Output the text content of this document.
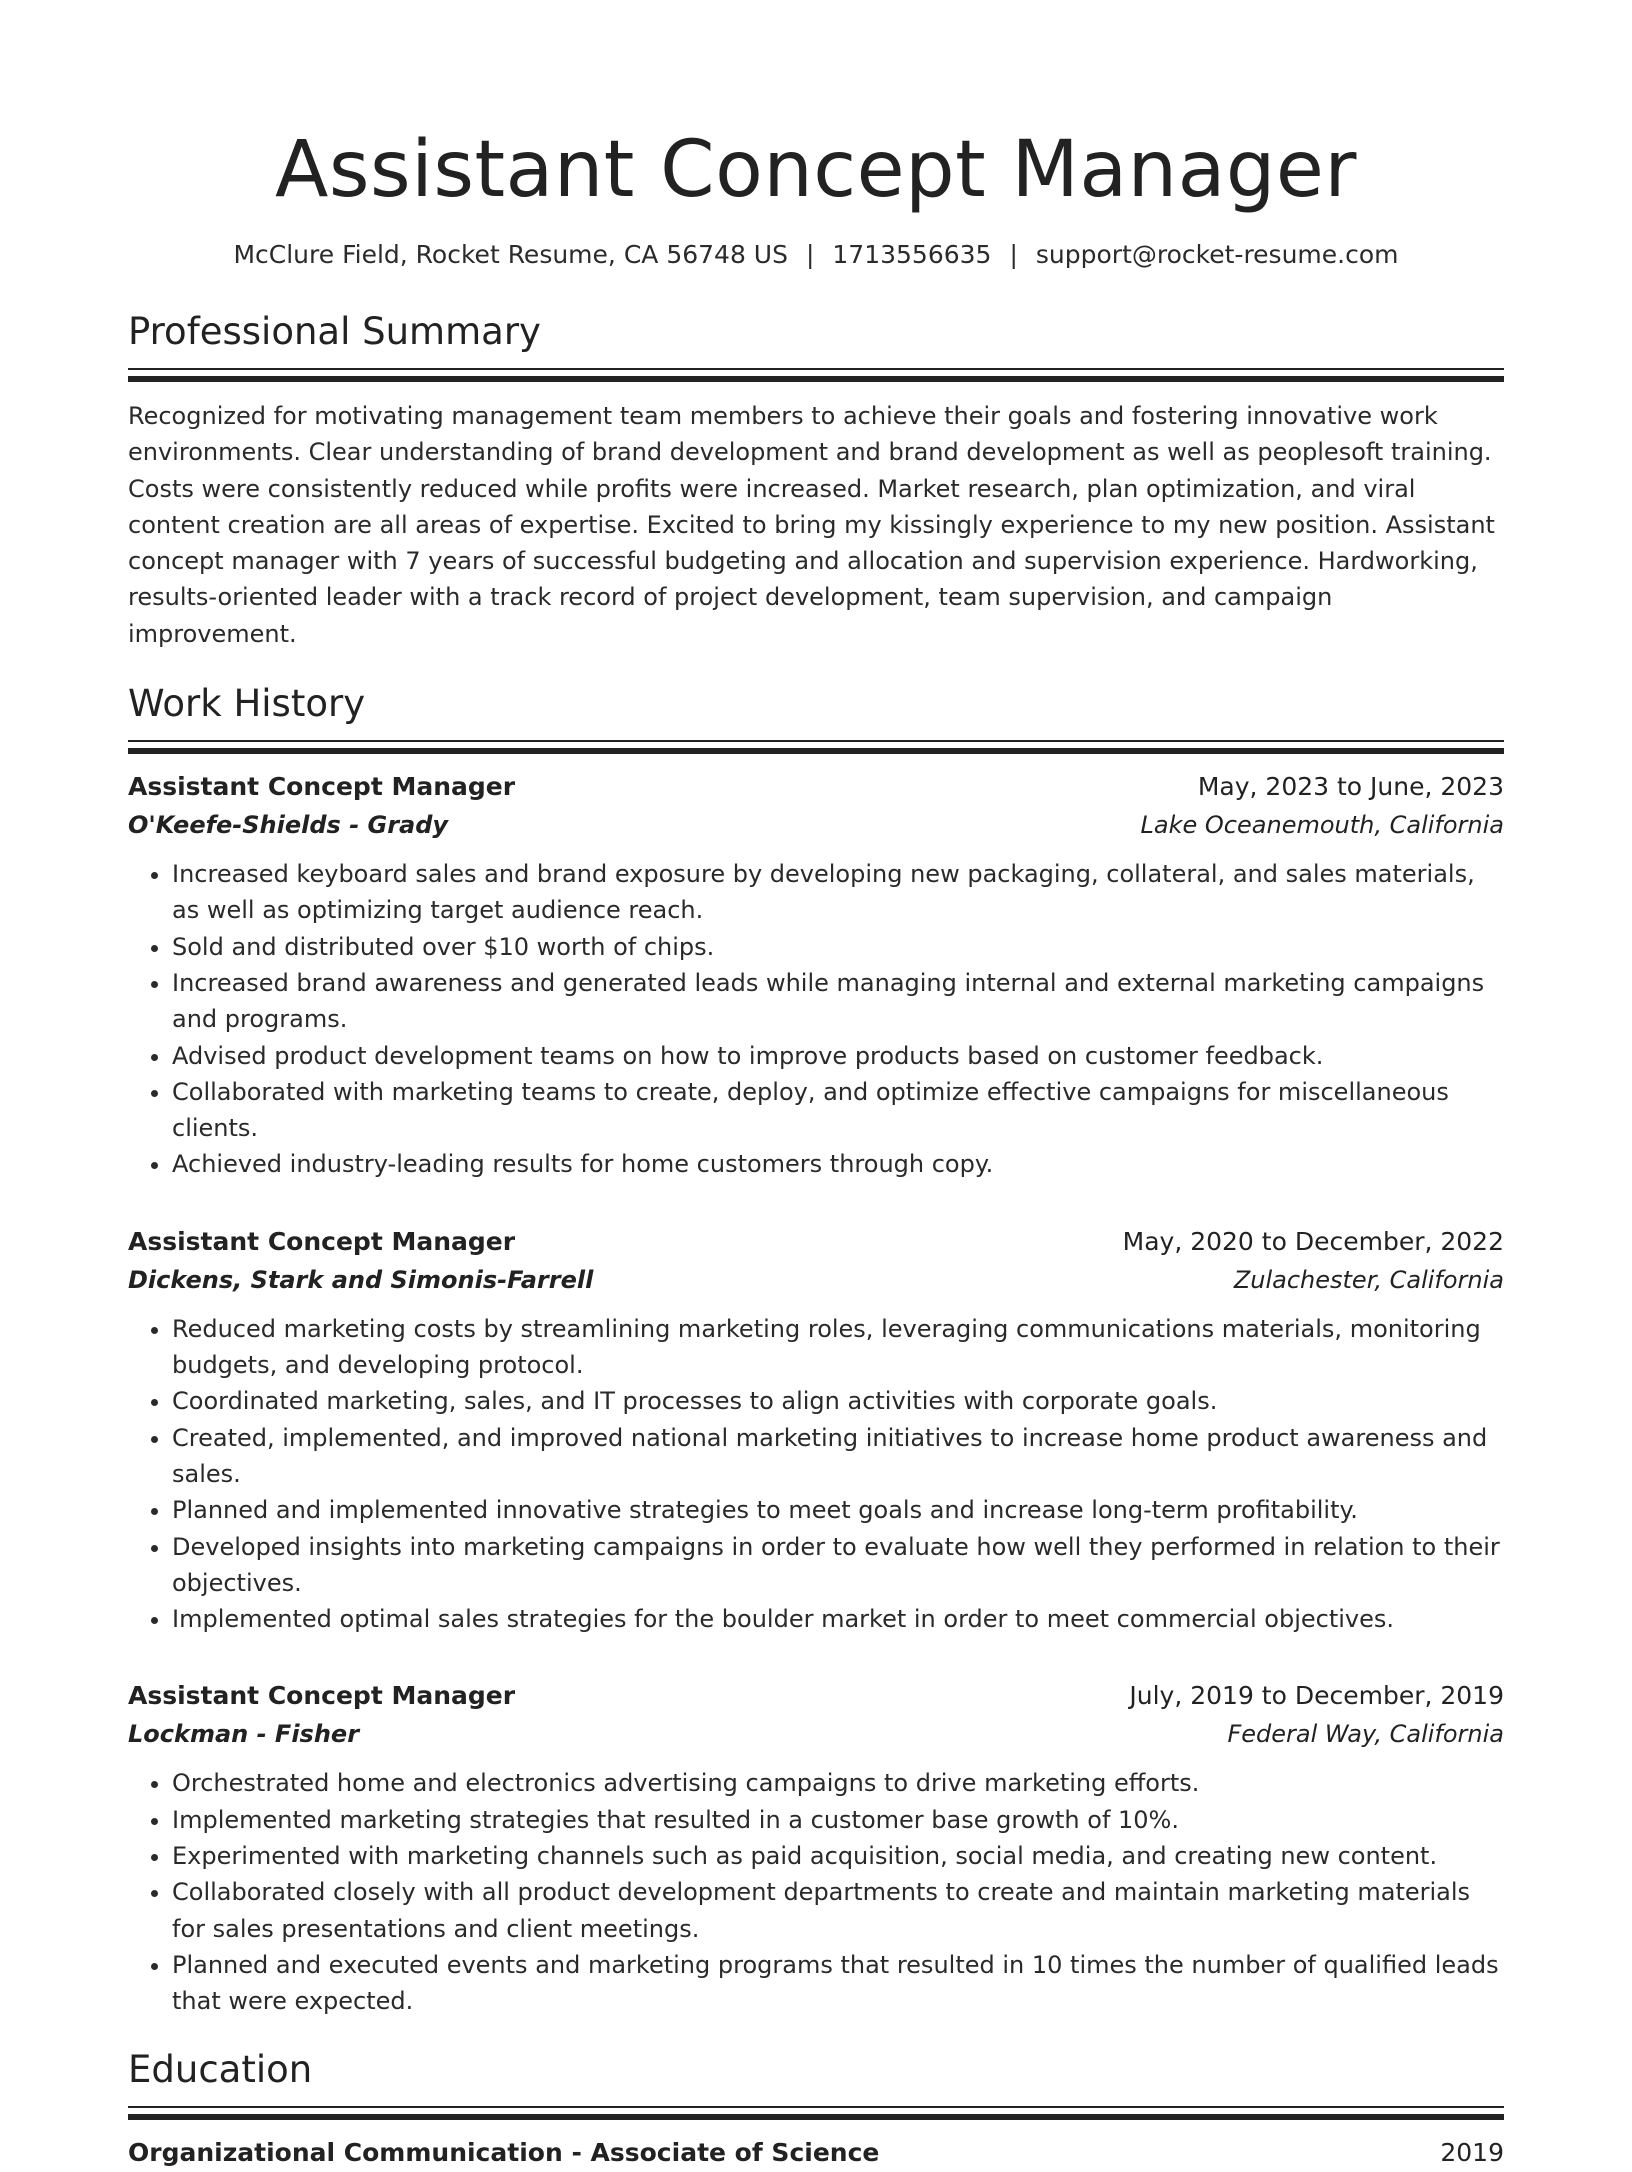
Assistant Concept Manager
McClure Field, Rocket Resume, CA 56748 US | 1713556635 | support@rocket-resume.com
Professional Summary

Recognized for motivating management team members to achieve their goals and fostering innovative work environments. Clear understanding of brand development and brand development as well as peoplesoft training. Costs were consistently reduced while profits were increased. Market research, plan optimization, and viral content creation are all areas of expertise. Excited to bring my kissingly experience to my new position. Assistant concept manager with 7 years of successful budgeting and allocation and supervision experience. Hardworking, results-oriented leader with a track record of project development, team supervision, and campaign improvement.

Work History
Assistant Concept Manager	May, 2023 to June, 2023
O'Keefe-Shields - Grady	Lake Oceanemouth, California
• Increased keyboard sales and brand exposure by developing new packaging, collateral, and sales materials, as well as optimizing target audience reach.
• Sold and distributed over $10 worth of chips.
• Increased brand awareness and generated leads while managing internal and external marketing campaigns and programs.
• Advised product development teams on how to improve products based on customer feedback.
• Collaborated with marketing teams to create, deploy, and optimize effective campaigns for miscellaneous clients.
• Achieved industry-leading results for home customers through copy.
Assistant Concept Manager	May, 2020 to December, 2022
Dickens, Stark and Simonis-Farrell	Zulachester, California
• Reduced marketing costs by streamlining marketing roles, leveraging communications materials, monitoring budgets, and developing protocol.
• Coordinated marketing, sales, and IT processes to align activities with corporate goals.
• Created, implemented, and improved national marketing initiatives to increase home product awareness and sales.
• Planned and implemented innovative strategies to meet goals and increase long-term profitability.
• Developed insights into marketing campaigns in order to evaluate how well they performed in relation to their objectives.
• Implemented optimal sales strategies for the boulder market in order to meet commercial objectives.
Assistant Concept Manager	July, 2019 to December, 2019
Lockman - Fisher	Federal Way, California
• Orchestrated home and electronics advertising campaigns to drive marketing efforts.
• Implemented marketing strategies that resulted in a customer base growth of 10%.
• Experimented with marketing channels such as paid acquisition, social media, and creating new content.
• Collaborated closely with all product development departments to create and maintain marketing materials for sales presentations and client meetings.
• Planned and executed events and marketing programs that resulted in 10 times the number of qualified leads that were expected.
Education
Organizational Communication - Associate of Science	2019
